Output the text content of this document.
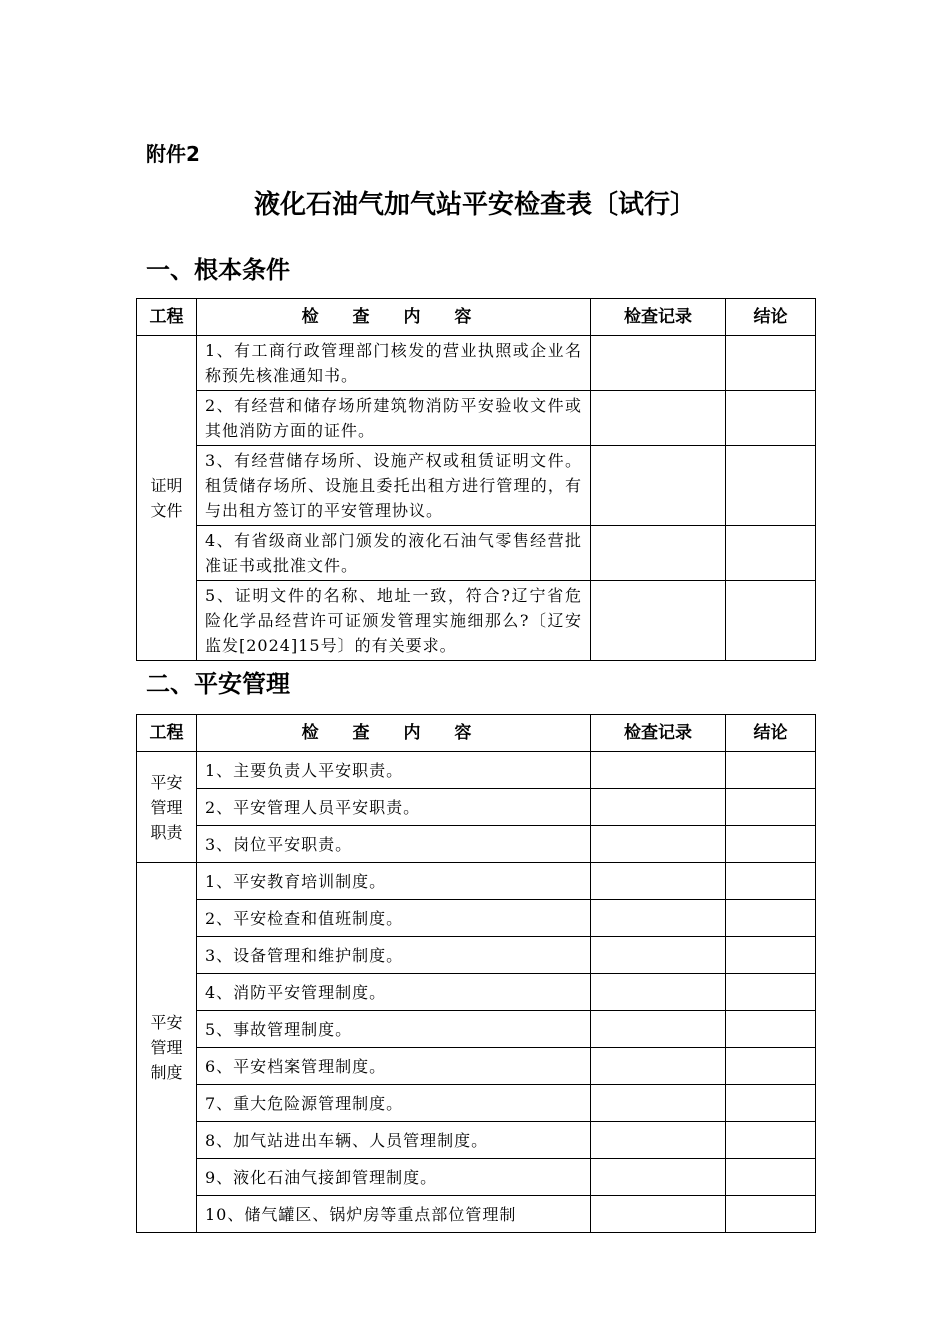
附件2
液化石油气加气站平安检查表〔试行〕
一、根本条件
工程	检 查 内 容	检查记录	结论

证明
文件	1、有工商行政管理部门核发的营业执照或企业名称预先核准通知书。		
	2、有经营和储存场所建筑物消防平安验收文件或其他消防方面的证件。		
	3、有经营储存场所、设施产权或租赁证明文件。租赁储存场所、设施且委托出租方进行管理的，有与出租方签订的平安管理协议。		
	4、有省级商业部门颁发的液化石油气零售经营批准证书或批准文件。		
	5、证明文件的名称、地址一致，符合?辽宁省危险化学品经营许可证颁发管理实施细那么?〔辽安监发[2024]15号〕的有关要求。		
二、平安管理
工程	检 查 内 容	检查记录	结论

平安
管理
职责	1、主要负责人平安职责。		
	2、平安管理人员平安职责。		
	3、岗位平安职责。		

平安
管理
制度	1、平安教育培训制度。		
	2、平安检查和值班制度。		
	3、设备管理和维护制度。		
	4、消防平安管理制度。		
	5、事故管理制度。		
	6、平安档案管理制度。		
	7、重大危险源管理制度。		
	8、加气站进出车辆、人员管理制度。		
	9、液化石油气接卸管理制度。		
	10、储气罐区、锅炉房等重点部位管理制		
